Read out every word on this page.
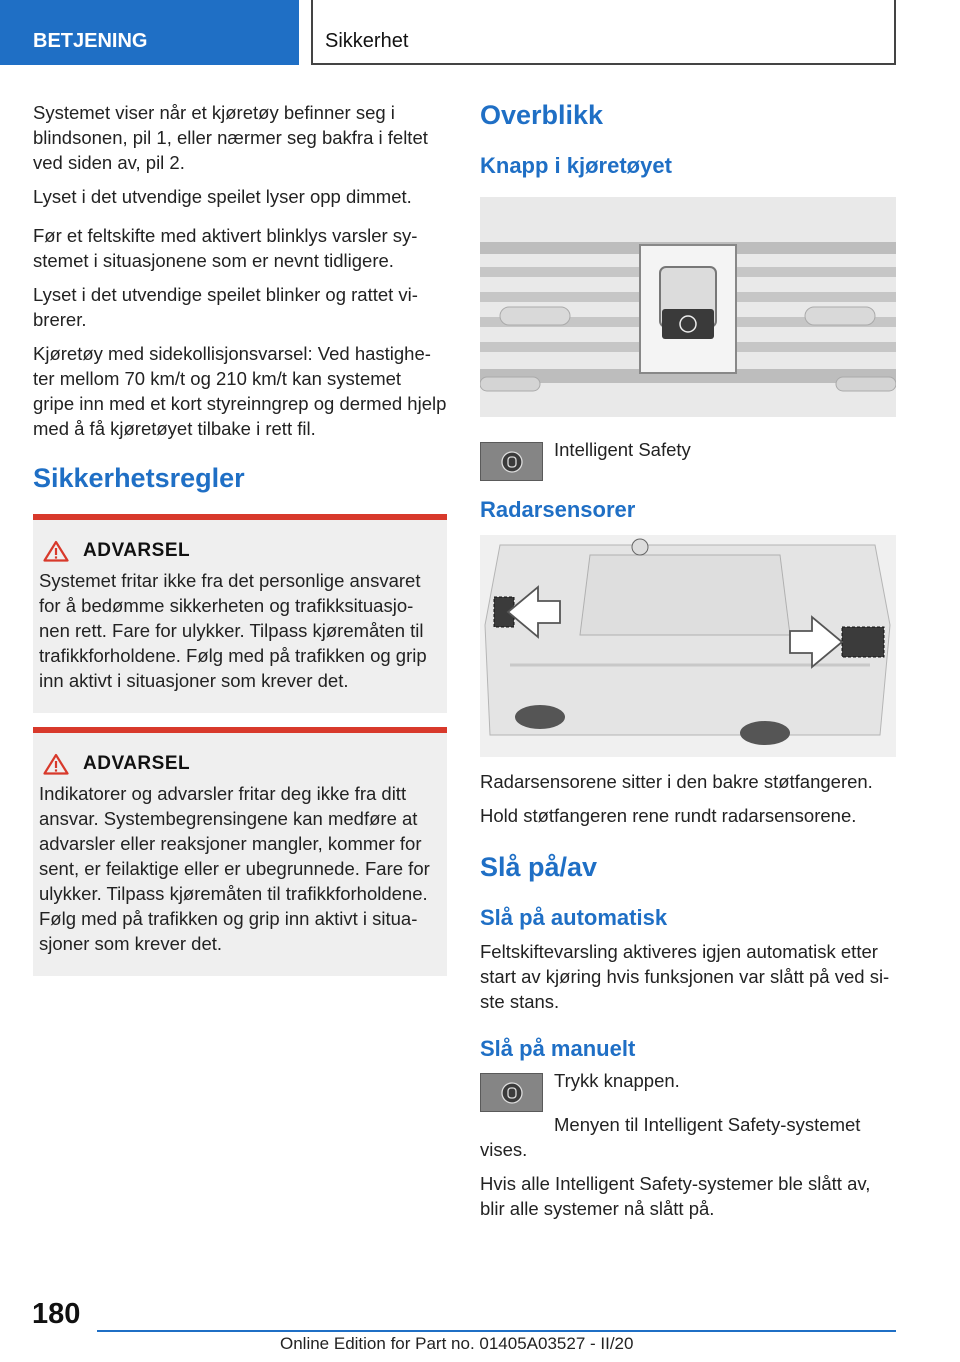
BETJENING	Sikkerhet

Systemet viser når et kjøretøy befinner seg i blindsonen, pil 1, eller nærmer seg bakfra i feltet ved siden av, pil 2.

Lyset i det utvendige speilet lyser opp dimmet.

Før et feltskifte med aktivert blinklys varsler sy-stemet i situasjonene som er nevnt tidligere.

Lyset i det utvendige speilet blinker og rattet vi-brerer.

Kjøretøy med sidekollisjonsvarsel: Ved hastighe-ter mellom 70 km/t og 210 km/t kan systemet gripe inn med et kort styreinngrep og dermed hjelp med å få kjøretøyet tilbake i rett fil.

Sikkerhetsregler
ADVARSEL

Systemet fritar ikke fra det personlige ansvaret for å bedømme sikkerheten og trafikksituasjo-nen rett. Fare for ulykker. Tilpass kjøremåten til trafikkforholdene. Følg med på trafikken og grip inn aktivt i situasjoner som krever det.

ADVARSEL

Indikatorer og advarsler fritar deg ikke fra ditt ansvar. Systembegrensingene kan medføre at advarsler eller reaksjoner mangler, kommer for sent, er feilaktige eller er ubegrunnede. Fare for ulykker. Tilpass kjøremåten til trafikkforholdene. Følg med på trafikken og grip inn aktivt i situa-sjoner som krever det.

Overblikk
Knapp i kjøretøyet

Intelligent Safety

Radarsensorer

Radarsensorene sitter i den bakre støtfangeren.

Hold støtfangeren rene rundt radarsensorene.

Slå på/av
Slå på automatisk

Feltskiftevarsling aktiveres igjen automatisk etter start av kjøring hvis funksjonen var slått på ved si-ste stans.

Slå på manuelt

Trykk knappen.

Menyen til Intelligent Safety-systemet vises.

Hvis alle Intelligent Safety-systemer ble slått av, blir alle systemer nå slått på.

180
Online Edition for Part no. 01405A03527 - II/20
